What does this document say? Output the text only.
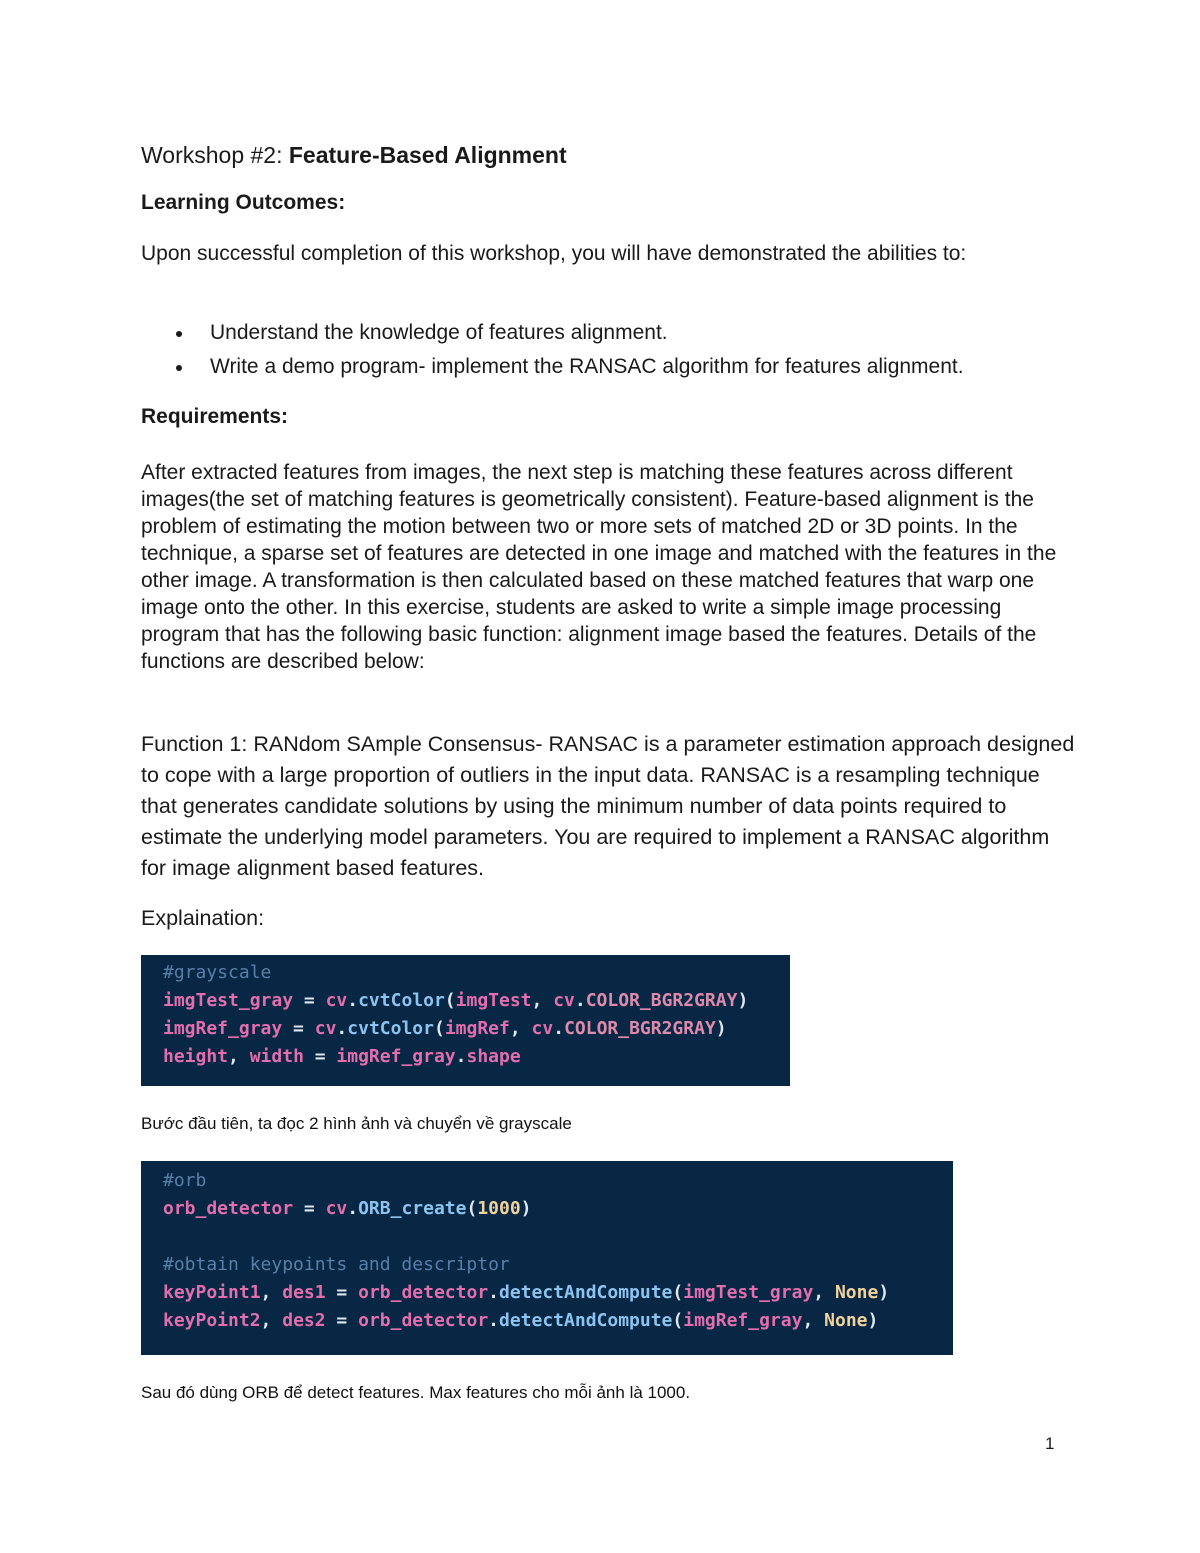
Workshop #2: Feature-Based Alignment
Learning Outcomes:
Upon successful completion of this workshop, you will have demonstrated the abilities to:
Understand the knowledge of features alignment.
Write a demo program- implement the RANSAC algorithm for features alignment.
Requirements:
After extracted features from images, the next step is matching these features across different images(the set of matching features is geometrically consistent). Feature-based alignment is the problem of estimating the motion between two or more sets of matched 2D or 3D points. In the technique, a sparse set of features are detected in one image and matched with the features in the other image. A transformation is then calculated based on these matched features that warp one image onto the other. In this exercise, students are asked to write a simple image processing program that has the following basic function: alignment image based the features. Details of the functions are described below:
Function 1: RANdom SAmple Consensus- RANSAC is a parameter estimation approach designed to cope with a large proportion of outliers in the input data. RANSAC is a resampling technique that generates candidate solutions by using the minimum number of data points required to estimate the underlying model parameters. You are required to implement a RANSAC algorithm for image alignment based features.
Explaination:
#grayscale
imgTest_gray = cv.cvtColor(imgTest, cv.COLOR_BGR2GRAY)
imgRef_gray = cv.cvtColor(imgRef, cv.COLOR_BGR2GRAY)
height, width = imgRef_gray.shape
Bước đầu tiên, ta đọc 2 hình ảnh và chuyển về grayscale
#orb
orb_detector = cv.ORB_create(1000)
#obtain keypoints and descriptor
keyPoint1, des1 = orb_detector.detectAndCompute(imgTest_gray, None)
keyPoint2, des2 = orb_detector.detectAndCompute(imgRef_gray, None)
Sau đó dùng ORB để detect features. Max features cho mỗi ảnh là 1000.
1
